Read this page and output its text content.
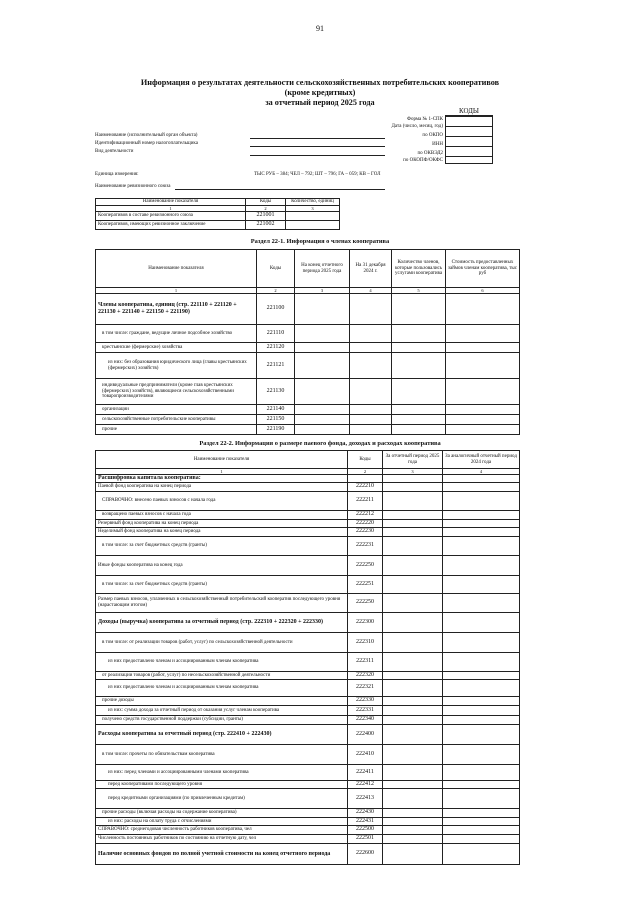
91
Информация о результатах деятельности сельскохозяйственных потребительских кооперативов
(кроме кредитных)
за отчетный период 2025 года
КОДЫ
Форма № 1-СПК
Дата (число, месяц, год)
по ОКПО
ИНН
по ОКВЭД2
по ОКОПФ/ОКФС
Наименование (исполнительный орган объекта)
Идентификационный номер налогоплательщика
Вид деятельности
Единица измерения:	ТЫС РУБ – 384; ЧЕЛ – 792; ШТ – 796; ГА – 059; КВ – ГОЛ
Наименование ревизионного союза
Наименование показателя	Коды	Количество, единиц
1	2	3
Кооперативов в составе ревизионного союза	221001	
Кооперативов, имеющих ревизионное заключение	221002	
Раздел 22-1. Информация о членах кооператива
Наименование показателя	Коды	На конец отчетного периода 2025 года	На 31 декабря 2024 г.	Количество членов, которые пользовались услугами кооператива	Стоимость предоставленных займов членам кооператива, тыс руб
1	2	3	4	5	6
Члены кооператива, единиц (стр. 221110 + 221120 + 221130 + 221140 + 221150 + 221190)	221100				
в том числе: граждане, ведущие личное подсобное хозяйство	221110				
крестьянские (фермерские) хозяйства	221120				
из них: без образования юридического лица (главы крестьянских (фермерских) хозяйств)	221121				
индивидуальные предприниматели (кроме глав крестьянских (фермерских) хозяйств), являющиеся сельскохозяйственными товаропроизводителями	221130				
организации	221140				
сельскохозяйственные потребительские кооперативы	221150				
прочие	221190				
Раздел 22-2. Информация о размере паевого фонда, доходах и расходах кооператива
Наименование показателя	Коды	За отчетный период 2025 года	За аналогичный отчетный период 2024 года
1	2	3	4
Расшифровка капитала кооператива:			
Паевой фонд кооператива на конец периода	222210		
СПРАВОЧНО: внесено паевых взносов с начала года	222211		
возвращено паевых взносов с начала года	222212		
Резервный фонд кооператива на конец периода	222220		
Неделимый фонд кооператива на конец периода	222230		
в том числе: за счет бюджетных средств (гранты)	222231		
Иные фонды кооператива на конец года	222250		
в том числе: за счет бюджетных средств (гранты)	222251		
Размер паевых взносов, уплаченных в сельскохозяйственный потребительский кооператив последующего уровня (нарастающим итогом)	222250		
Доходы (выручка) кооператива за отчетный период (стр. 222310 + 222320 + 222330)	222300		
в том числе: от реализации товаров (работ, услуг) по сельскохозяйственной деятельности	222310		
из них предоставлено членам и ассоциированным членам кооператива	222311		
от реализации товаров (работ, услуг) по несельскохозяйственной деятельности	222320		
из них предоставлено членам и ассоциированным членам кооператива	222321		
прочие доходы	222330		
из них: сумма дохода за отчетный период от оказания услуг членам кооператива	222331		
получено средств государственной поддержки (субсидии, гранты)	222340		
Расходы кооператива за отчетный период (стр. 222410 + 222430)	222400		
в том числе: прочеты по обязательствам кооператива	222410		
из них: перед членами и ассоциированными членами кооператива	222411		
перед кооперативами последующего уровня	222412		
перед кредитными организациями (по привлеченным кредитам)	222413		
прочие расходы (включая расходы на содержание кооператива)	222430		
из них: расходы на оплату труда с отчислениями	222431		
СПРАВОЧНО: среднегодовая численность работников кооператива, чел	222500		
Численность постоянных работников по состоянию на отчетную дату, чел	222501		
Наличие основных фондов по полной учетной стоимости на конец отчетного периода	222600		
